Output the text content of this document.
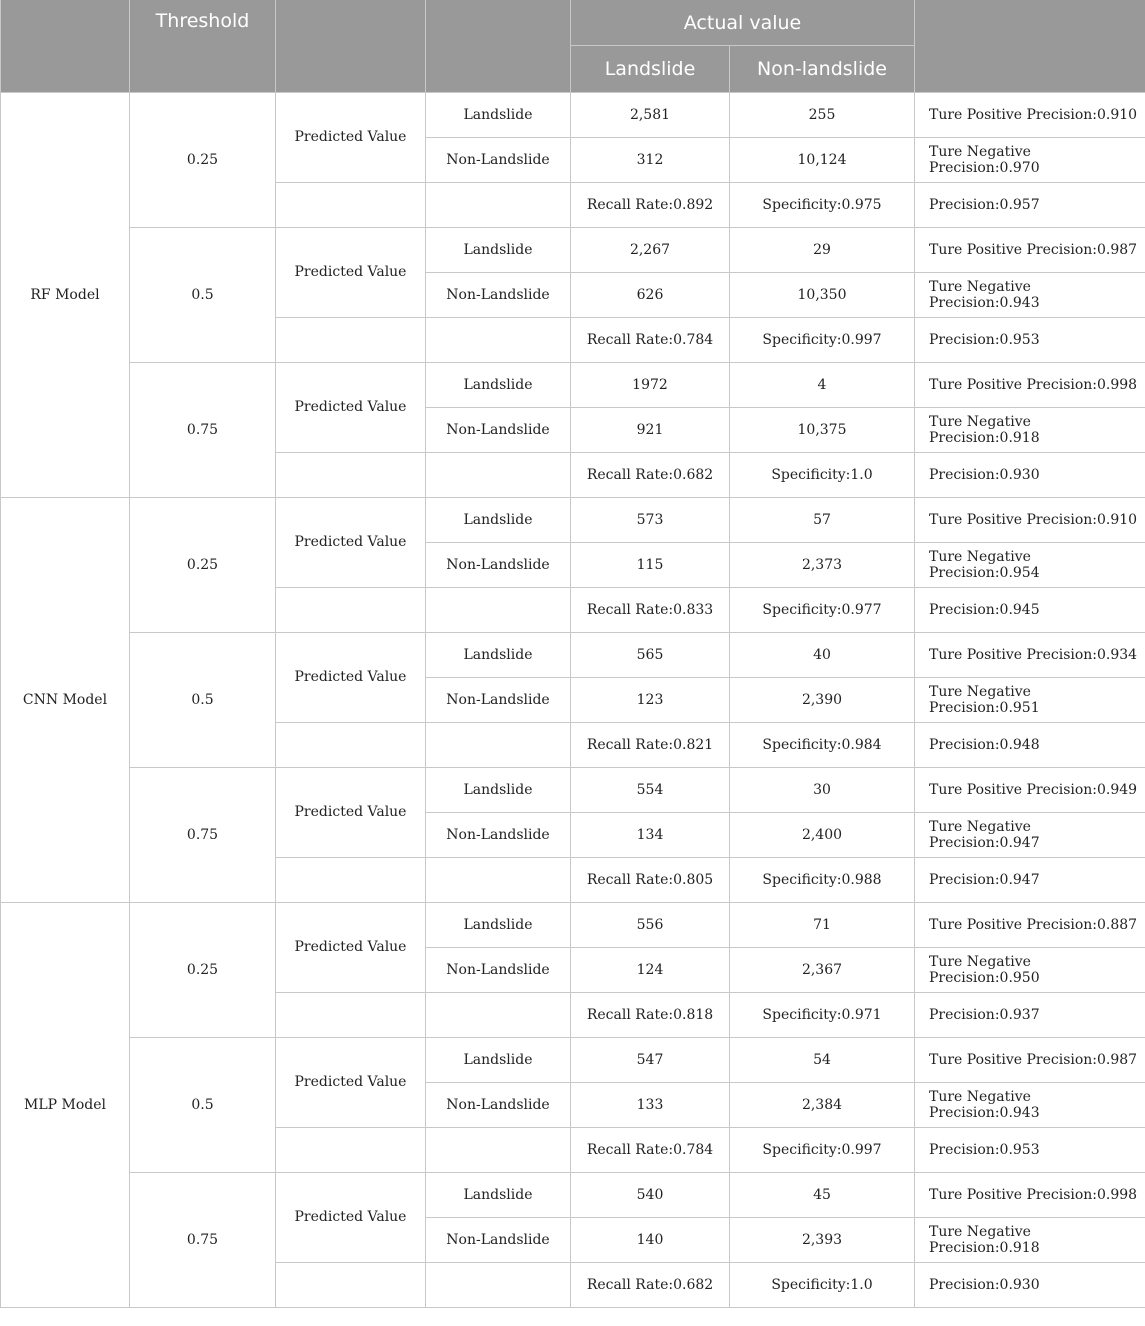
	Threshold			Actual value		
				Landslide	Non-landslide	
RF Model	0.25	Predicted Value	Landslide	2,581	255	Ture Positive Precision:0.910
			Non-Landslide	312	10,124	Ture Negative Precision:0.970
				Recall Rate:0.892	Specificity:0.975	Precision:0.957
	0.5	Predicted Value	Landslide	2,267	29	Ture Positive Precision:0.987
			Non-Landslide	626	10,350	Ture Negative Precision:0.943
				Recall Rate:0.784	Specificity:0.997	Precision:0.953
	0.75	Predicted Value	Landslide	1972	4	Ture Positive Precision:0.998
			Non-Landslide	921	10,375	Ture Negative Precision:0.918
				Recall Rate:0.682	Specificity:1.0	Precision:0.930
CNN Model	0.25	Predicted Value	Landslide	573	57	Ture Positive Precision:0.910
			Non-Landslide	115	2,373	Ture Negative Precision:0.954
				Recall Rate:0.833	Specificity:0.977	Precision:0.945
	0.5	Predicted Value	Landslide	565	40	Ture Positive Precision:0.934
			Non-Landslide	123	2,390	Ture Negative Precision:0.951
				Recall Rate:0.821	Specificity:0.984	Precision:0.948
	0.75	Predicted Value	Landslide	554	30	Ture Positive Precision:0.949
			Non-Landslide	134	2,400	Ture Negative Precision:0.947
				Recall Rate:0.805	Specificity:0.988	Precision:0.947
MLP Model	0.25	Predicted Value	Landslide	556	71	Ture Positive Precision:0.887
			Non-Landslide	124	2,367	Ture Negative Precision:0.950
				Recall Rate:0.818	Specificity:0.971	Precision:0.937
	0.5	Predicted Value	Landslide	547	54	Ture Positive Precision:0.987
			Non-Landslide	133	2,384	Ture Negative Precision:0.943
				Recall Rate:0.784	Specificity:0.997	Precision:0.953
	0.75	Predicted Value	Landslide	540	45	Ture Positive Precision:0.998
			Non-Landslide	140	2,393	Ture Negative Precision:0.918
				Recall Rate:0.682	Specificity:1.0	Precision:0.930
